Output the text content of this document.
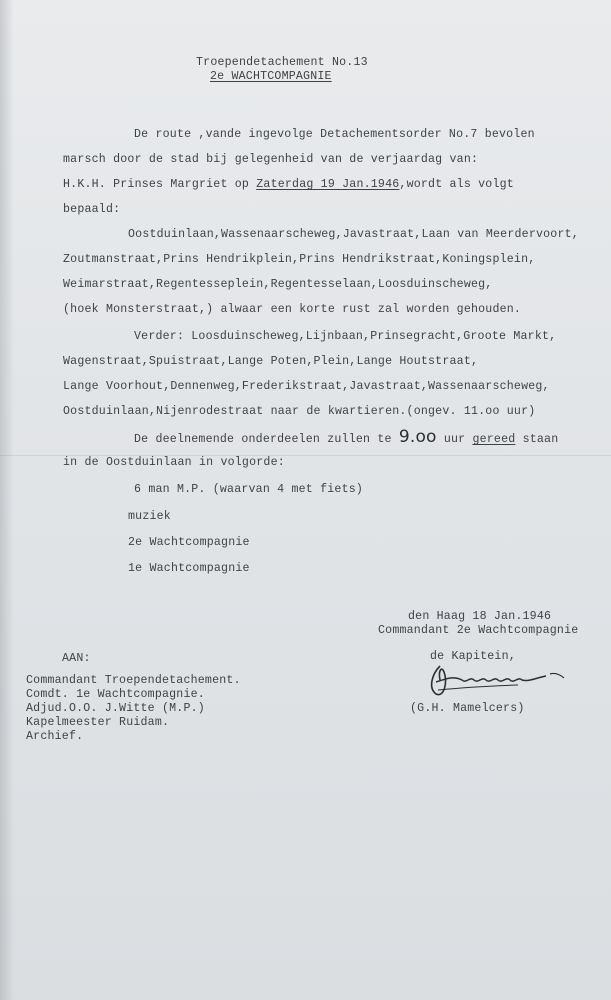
Troependetachement No.13
2e WACHTCOMPAGNIE
De route ,vande ingevolge Detachementsorder No.7 bevolen
marsch door de stad bij gelegenheid van de verjaardag van:
H.K.H. Prinses Margriet op Zaterdag 19 Jan.1946,wordt als volgt
bepaald:
Oostduinlaan,Wassenaarscheweg,Javastraat,Laan van Meerdervoort,
Zoutmanstraat,Prins Hendrikplein,Prins Hendrikstraat,Koningsplein,
Weimarstraat,Regentesseplein,Regentesselaan,Loosduinscheweg,
(hoek Monsterstraat,) alwaar een korte rust zal worden gehouden.
Verder: Loosduinscheweg,Lijnbaan,Prinsegracht,Groote Markt,
Wagenstraat,Spuistraat,Lange Poten,Plein,Lange Houtstraat,
Lange Voorhout,Dennenweg,Frederikstraat,Javastraat,Wassenaarscheweg,
Oostduinlaan,Nijenrodestraat naar de kwartieren.(ongev. 11.oo uur)
De deelnemende onderdeelen zullen te 9.oo uur gereed staan
in de Oostduinlaan in volgorde:
6 man M.P. (waarvan 4 met fiets)
muziek
2e Wachtcompagnie
1e Wachtcompagnie
den Haag 18 Jan.1946
Commandant 2e Wachtcompagnie
de Kapitein,
(G.H. Mamelcers)
AAN:
Commandant Troependetachement.
Comdt. 1e Wachtcompagnie.
Adjud.O.O. J.Witte (M.P.)
Kapelmeester Ruidam.
Archief.
